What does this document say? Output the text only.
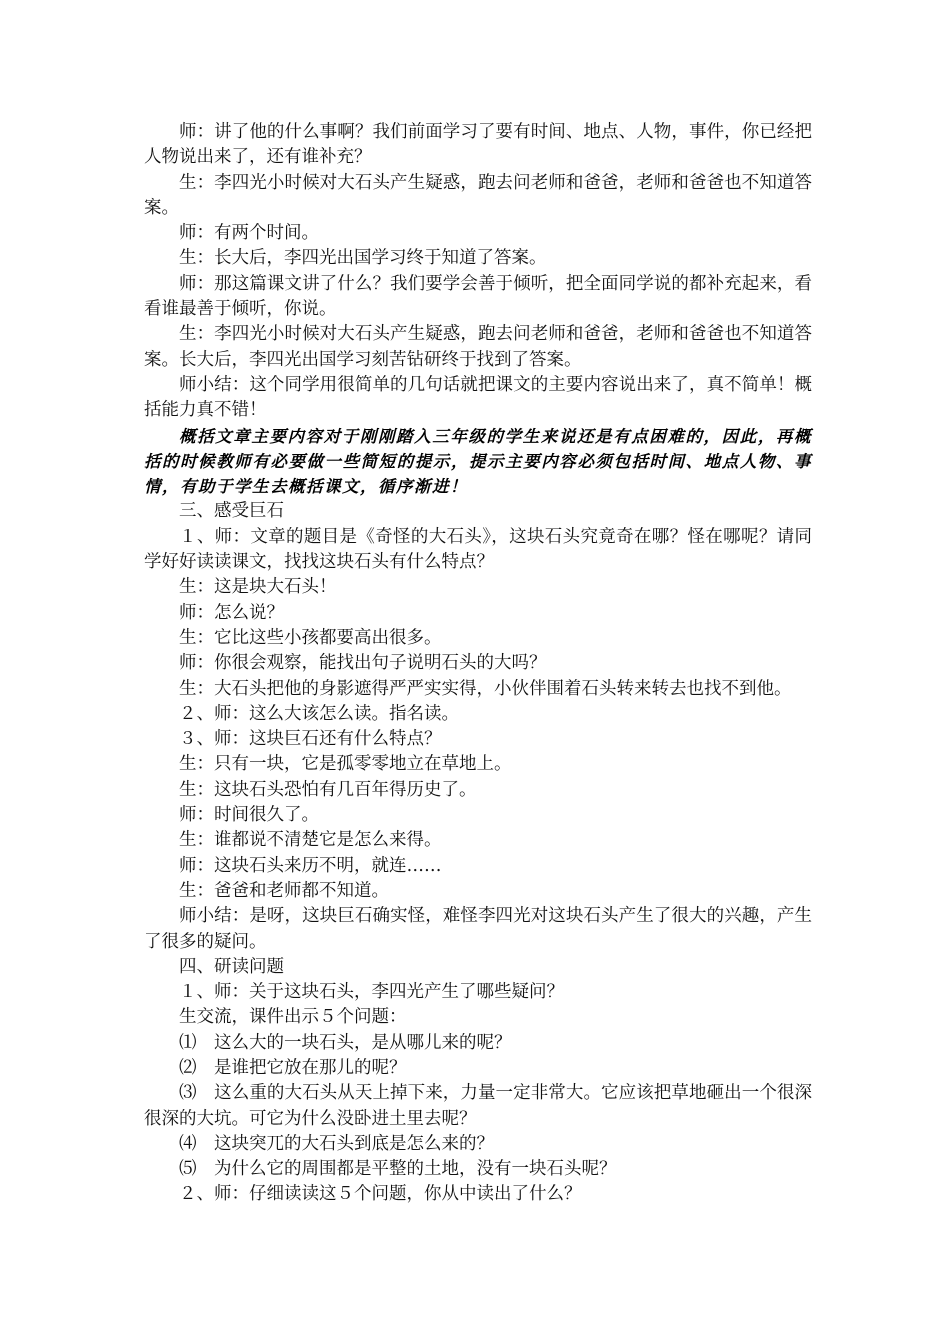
师：讲了他的什么事啊？我们前面学习了要有时间、地点、人物，事件，你已经把人物说出来了，还有谁补充？

生：李四光小时候对大石头产生疑惑，跑去问老师和爸爸，老师和爸爸也不知道答案。

师：有两个时间。

生：长大后，李四光出国学习终于知道了答案。

师：那这篇课文讲了什么？我们要学会善于倾听，把全面同学说的都补充起来，看看谁最善于倾听，你说。

生：李四光小时候对大石头产生疑惑，跑去问老师和爸爸，老师和爸爸也不知道答案。长大后，李四光出国学习刻苦钻研终于找到了答案。

师小结：这个同学用很简单的几句话就把课文的主要内容说出来了，真不简单！概括能力真不错！

概括文章主要内容对于刚刚踏入三年级的学生来说还是有点困难的，因此，再概括的时候教师有必要做一些简短的提示，提示主要内容必须包括时间、地点人物、事情，有助于学生去概括课文，循序渐进！

三、感受巨石

１、师：文章的题目是《奇怪的大石头》，这块石头究竟奇在哪？怪在哪呢？请同学好好读读课文，找找这块石头有什么特点？

生：这是块大石头！

师：怎么说？

生：它比这些小孩都要高出很多。

师：你很会观察，能找出句子说明石头的大吗？

生：大石头把他的身影遮得严严实实得，小伙伴围着石头转来转去也找不到他。

２、师：这么大该怎么读。指名读。

３、师：这块巨石还有什么特点？

生：只有一块，它是孤零零地立在草地上。

生：这块石头恐怕有几百年得历史了。

师：时间很久了。

生：谁都说不清楚它是怎么来得。

师：这块石头来历不明，就连……

生：爸爸和老师都不知道。

师小结：是呀，这块巨石确实怪，难怪李四光对这块石头产生了很大的兴趣，产生了很多的疑问。

四、研读问题

１、师：关于这块石头，李四光产生了哪些疑问？

生交流，课件出示５个问题：

⑴　这么大的一块石头，是从哪儿来的呢？

⑵　是谁把它放在那儿的呢？

⑶　这么重的大石头从天上掉下来，力量一定非常大。它应该把草地砸出一个很深很深的大坑。可它为什么没卧进土里去呢？

⑷　这块突兀的大石头到底是怎么来的？

⑸　为什么它的周围都是平整的土地，没有一块石头呢？

２、师：仔细读读这５个问题，你从中读出了什么？
